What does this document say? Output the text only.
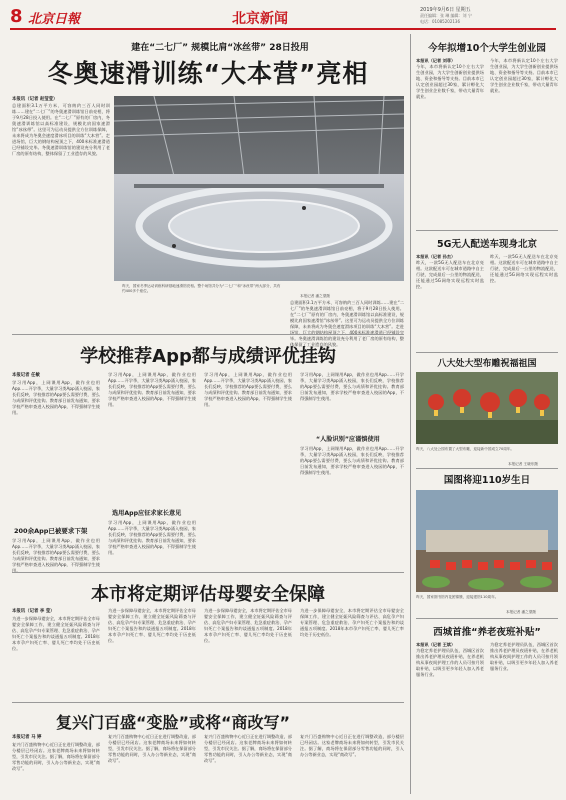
8 北京日報	北京新闻
2019年9月6日 星期五
责任编辑：张 琳 编辑：刘 宁
电话：01085202136
建在“二七厂” 规模比肩“冰丝带” 28日投用
冬奥速滑训练“大本营”亮相
本报讯（记者 赵莹莹）
总建面积3.1万平方米、可容纳约三百人同时训练……建在“二七厂”的冬奥速滑训练馆日前亮相，将于9月28日投入使用。在“二七厂”原有的厂房内，冬奥速滑训练馆以高标准建设，规模比肩国家速滑馆“冰丝带”。这里可为运动员提供全方位训练保障，未来将成为冬奥会速度滑冰项目的训练“大本营”。走进场馆，巨大的钢结构屋顶之下，400米标准速滑道已经铺设完毕。冬奥速滑训练馆的建设充分利用了老厂房的原有结构，整体保留了工业遗存的风貌。
昨天，国家冬季运动训练科研基地速滑馆亮相。整个场馆共分为“二七厂”和“冰丝带”两大部分，共有约400多个座位。
本报记者 潘之望摄
总建面积3.1万平方米、可容纳约三百人同时训练……建在“二七厂”的冬奥速滑训练馆日前亮相，将于9月28日投入使用。在“二七厂”原有的厂房内，冬奥速滑训练馆以高标准建设，规模比肩国家速滑馆“冰丝带”。这里可为运动员提供全方位训练保障，未来将成为冬奥会速度滑冰项目的训练“大本营”。走进场馆，巨大的钢结构屋顶之下，400米标准速滑道已经铺设完毕。冬奥速滑训练馆的建设充分利用了老厂房的原有结构，整体保留了工业遗存的风貌。
学校推荐App都与成绩评优挂钩
本报记者 任敏
学习用App，上网课用App，做作业也用App……开学季，大量学习类App涌入校园，家长们反映，学校推荐的App要么需要付费，要么与成绩和评优挂钩。教育部日前发布通知，要求学校严格审查进入校园的App，不得强制学生使用。
200余App已被要求下架
学习用App，上网课用App，做作业也用App……开学季，大量学习类App涌入校园，家长们反映，学校推荐的App要么需要付费，要么与成绩和评优挂钩。教育部日前发布通知，要求学校严格审查进入校园的App，不得强制学生使用。
学习用App，上网课用App，做作业也用App……开学季，大量学习类App涌入校园，家长们反映，学校推荐的App要么需要付费，要么与成绩和评优挂钩。教育部日前发布通知，要求学校严格审查进入校园的App，不得强制学生使用。
选用App应征求家长意见
学习用App，上网课用App，做作业也用App……开学季，大量学习类App涌入校园，家长们反映，学校推荐的App要么需要付费，要么与成绩和评优挂钩。教育部日前发布通知，要求学校严格审查进入校园的App，不得强制学生使用。
学习用App，上网课用App，做作业也用App……开学季，大量学习类App涌入校园，家长们反映，学校推荐的App要么需要付费，要么与成绩和评优挂钩。教育部日前发布通知，要求学校严格审查进入校园的App，不得强制学生使用。
学习用App，上网课用App，做作业也用App……开学季，大量学习类App涌入校园，家长们反映，学校推荐的App要么需要付费，要么与成绩和评优挂钩。教育部日前发布通知，要求学校严格审查进入校园的App，不得强制学生使用。
“人脸识别”应谨慎使用
学习用App，上网课用App，做作业也用App……开学季，大量学习类App涌入校园，家长们反映，学校推荐的App要么需要付费，要么与成绩和评优挂钩。教育部日前发布通知，要求学校严格审查进入校园的App，不得强制学生使用。
本市将定期评估母婴安全保障
本报讯（记者 李 莹）
为进一步保障母婴安全，本市将定期评估全市母婴安全保障工作，建立健全妊娠风险筛查与评估、高危孕产妇专案管理、危急重症救治、孕产妇死亡个案报告和约谈通报五项制度。2018年本市孕产妇死亡率、婴儿死亡率均处于历史低位。
为进一步保障母婴安全，本市将定期评估全市母婴安全保障工作，建立健全妊娠风险筛查与评估、高危孕产妇专案管理、危急重症救治、孕产妇死亡个案报告和约谈通报五项制度。2018年本市孕产妇死亡率、婴儿死亡率均处于历史低位。
为进一步保障母婴安全，本市将定期评估全市母婴安全保障工作，建立健全妊娠风险筛查与评估、高危孕产妇专案管理、危急重症救治、孕产妇死亡个案报告和约谈通报五项制度。2018年本市孕产妇死亡率、婴儿死亡率均处于历史低位。
为进一步保障母婴安全，本市将定期评估全市母婴安全保障工作，建立健全妊娠风险筛查与评估、高危孕产妇专案管理、危急重症救治、孕产妇死亡个案报告和约谈通报五项制度。2018年本市孕产妇死亡率、婴儿死亡率均处于历史低位。
复兴门百盛“变脸”或将“商改写”
本报记者 马 婷
复兴门百盛购物中心近日正在进行调整改造，部分楼层已经闭店。这家老牌商场未来将如何转型，引发市民关注。据了解，商场将在保留部分零售功能的同时，引入办公等新业态，实现“商改写”。
复兴门百盛购物中心近日正在进行调整改造，部分楼层已经闭店。这家老牌商场未来将如何转型，引发市民关注。据了解，商场将在保留部分零售功能的同时，引入办公等新业态，实现“商改写”。
复兴门百盛购物中心近日正在进行调整改造，部分楼层已经闭店。这家老牌商场未来将如何转型，引发市民关注。据了解，商场将在保留部分零售功能的同时，引入办公等新业态，实现“商改写”。
复兴门百盛购物中心近日正在进行调整改造，部分楼层已经闭店。这家老牌商场未来将如何转型，引发市民关注。据了解，商场将在保留部分零售功能的同时，引入办公等新业态，实现“商改写”。
今年拟增10个大学生创业园
本报讯（记者 刘菲）
今年，本市将新认定10个左右大学生创业园，为大学生创新创业提供场地、资金和指导等支持。目前本市已认定创业园超过30家，累计孵化大学生创业企业数千家，带动大量青年就业。
今年，本市将新认定10个左右大学生创业园，为大学生创新创业提供场地、资金和指导等支持。目前本市已认定创业园超过30家，累计孵化大学生创业企业数千家，带动大量青年就业。
5G无人配送车现身北京
本报讯（记者 孙杰）
昨天，一款5G无人配送车在北京亮相。这款配送车可在城市道路中自主行驶，完成最后一公里的物流配送，还能通过5G网络实现远程实时监控。
昨天，一款5G无人配送车在北京亮相。这款配送车可在城市道路中自主行驶，完成最后一公里的物流配送，还能通过5G网络实现远程实时监控。
八大处大型布雕祝福祖国
昨天，八大处公园布置了大型布雕，迎接新中国成立70周年。
本报记者 王晓东摄
国图将迎110岁生日
昨天，国家图书馆内花团锦簇，迎接建馆110周年。
本报记者 潘之望摄
西城首推“养老夜班补贴”
本报讯（记者 王斌）
为稳定养老护理员队伍，西城区首次推出养老护理员夜班补贴，在养老机构从事夜间护理工作的人员可按月领取补贴，以吸引更多年轻人加入养老服务行业。
为稳定养老护理员队伍，西城区首次推出养老护理员夜班补贴，在养老机构从事夜间护理工作的人员可按月领取补贴，以吸引更多年轻人加入养老服务行业。
